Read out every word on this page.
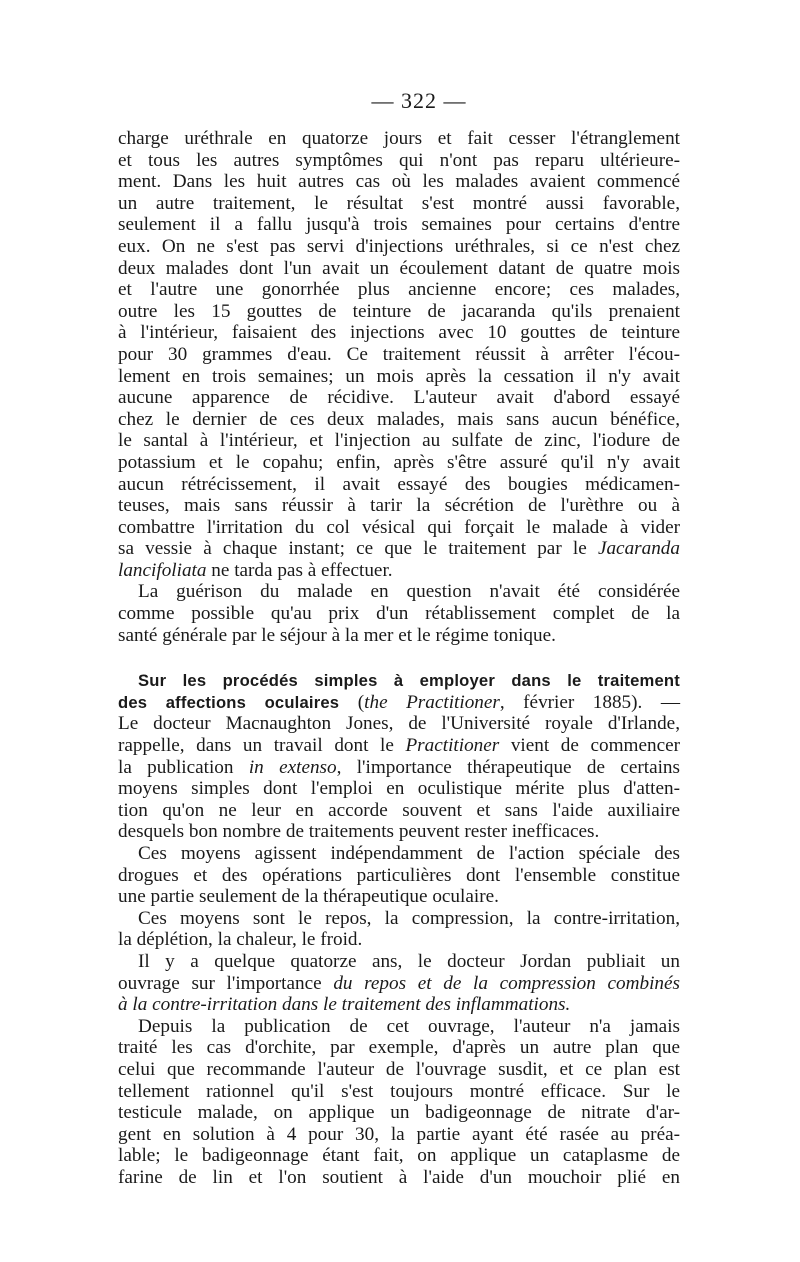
— 322 —
charge uréthrale en quatorze jours et fait cesser l'étranglement
et tous les autres symptômes qui n'ont pas reparu ultérieure-
ment. Dans les huit autres cas où les malades avaient commencé
un autre traitement, le résultat s'est montré aussi favorable,
seulement il a fallu jusqu'à trois semaines pour certains d'entre
eux. On ne s'est pas servi d'injections uréthrales, si ce n'est chez
deux malades dont l'un avait un écoulement datant de quatre mois
et l'autre une gonorrhée plus ancienne encore; ces malades,
outre les 15 gouttes de teinture de jacaranda qu'ils prenaient
à l'intérieur, faisaient des injections avec 10 gouttes de teinture
pour 30 grammes d'eau. Ce traitement réussit à arrêter l'écou-
lement en trois semaines; un mois après la cessation il n'y avait
aucune apparence de récidive. L'auteur avait d'abord essayé
chez le dernier de ces deux malades, mais sans aucun bénéfice,
le santal à l'intérieur, et l'injection au sulfate de zinc, l'iodure de
potassium et le copahu; enfin, après s'être assuré qu'il n'y avait
aucun rétrécissement, il avait essayé des bougies médicamen-
teuses, mais sans réussir à tarir la sécrétion de l'urèthre ou à
combattre l'irritation du col vésical qui forçait le malade à vider
sa vessie à chaque instant; ce que le traitement par le Jacaranda
lancifoliata ne tarda pas à effectuer.
La guérison du malade en question n'avait été considérée
comme possible qu'au prix d'un rétablissement complet de la
santé générale par le séjour à la mer et le régime tonique.
Sur les procédés simples à employer dans le traitement
des affections oculaires (the Practitioner, février 1885). —
Le docteur Macnaughton Jones, de l'Université royale d'Irlande,
rappelle, dans un travail dont le Practitioner vient de commencer
la publication in extenso, l'importance thérapeutique de certains
moyens simples dont l'emploi en oculistique mérite plus d'atten-
tion qu'on ne leur en accorde souvent et sans l'aide auxiliaire
desquels bon nombre de traitements peuvent rester inefficaces.
Ces moyens agissent indépendamment de l'action spéciale des
drogues et des opérations particulières dont l'ensemble constitue
une partie seulement de la thérapeutique oculaire.
Ces moyens sont le repos, la compression, la contre-irritation,
la déplétion, la chaleur, le froid.
Il y a quelque quatorze ans, le docteur Jordan publiait un
ouvrage sur l'importance du repos et de la compression combinés
à la contre-irritation dans le traitement des inflammations.
Depuis la publication de cet ouvrage, l'auteur n'a jamais
traité les cas d'orchite, par exemple, d'après un autre plan que
celui que recommande l'auteur de l'ouvrage susdit, et ce plan est
tellement rationnel qu'il s'est toujours montré efficace. Sur le
testicule malade, on applique un badigeonnage de nitrate d'ar-
gent en solution à 4 pour 30, la partie ayant été rasée au préa-
lable; le badigeonnage étant fait, on applique un cataplasme de
farine de lin et l'on soutient à l'aide d'un mouchoir plié en
